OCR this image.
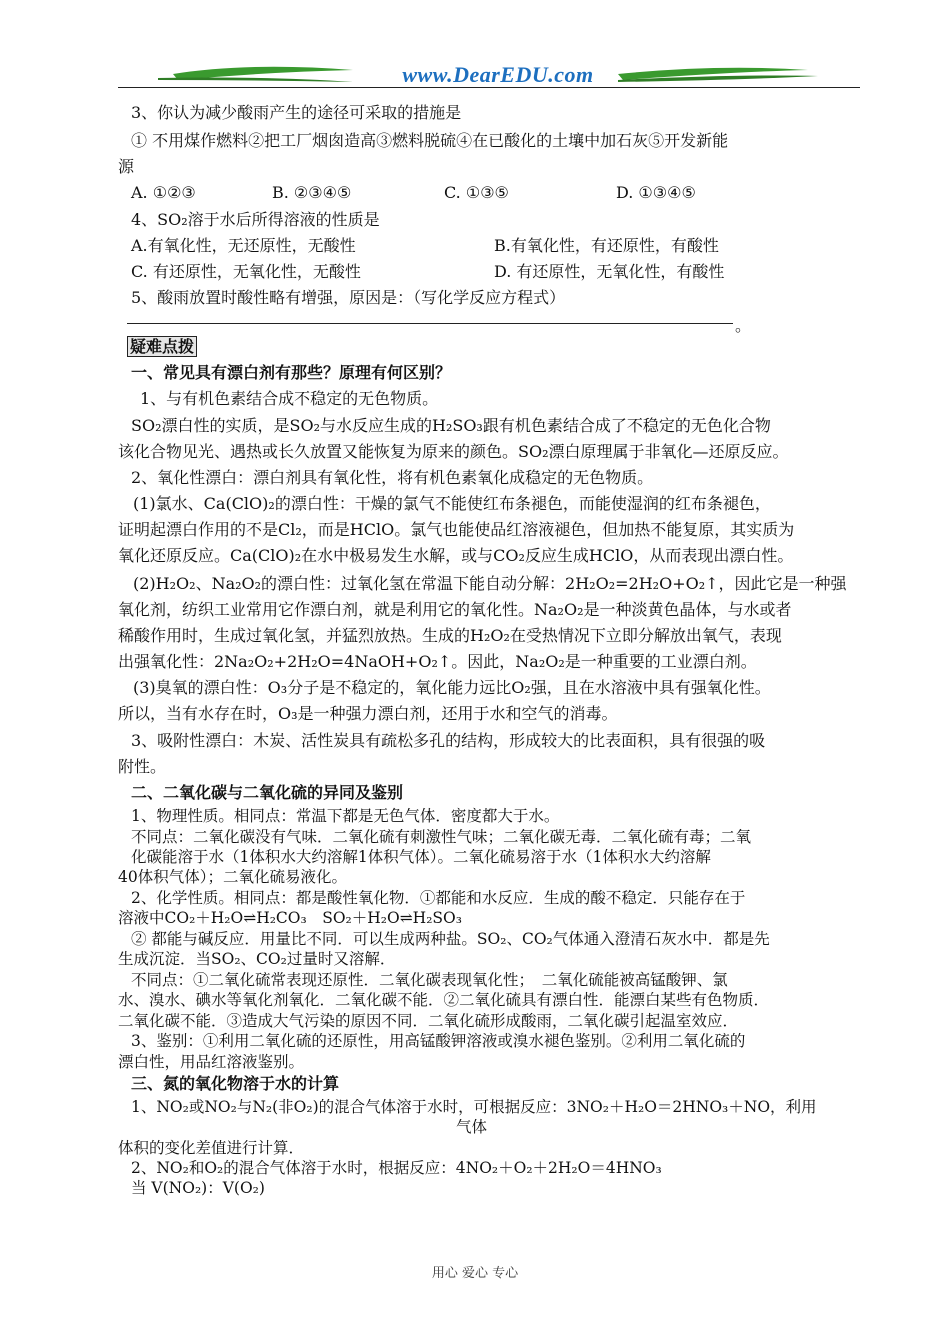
www.DearEDU.com
3、你认为减少酸雨产生的途径可采取的措施是
① 不用煤作燃料②把工厂烟囱造高③燃料脱硫④在已酸化的土壤中加石灰⑤开发新能
源
A. ①②③	B. ②③④⑤	C. ①③⑤	D. ①③④⑤
4、SO₂溶于水后所得溶液的性质是
A.有氧化性，无还原性，无酸性	B.有氧化性，有还原性，有酸性
C. 有还原性，无氧化性，无酸性	D. 有还原性，无氧化性，有酸性
5、酸雨放置时酸性略有增强，原因是：（写化学反应方程式）
。
疑难点拨
一、常见具有漂白剂有那些？原理有何区别？
1、与有机色素结合成不稳定的无色物质。
SO₂漂白性的实质，是SO₂与水反应生成的H₂SO₃跟有机色素结合成了不稳定的无色化合物
该化合物见光、遇热或长久放置又能恢复为原来的颜色。SO₂漂白原理属于非氧化—还原反应。
2、氧化性漂白：漂白剂具有氧化性，将有机色素氧化成稳定的无色物质。
(1)氯水、Ca(ClO)₂的漂白性：干燥的氯气不能使红布条褪色，而能使湿润的红布条褪色，
证明起漂白作用的不是Cl₂，而是HClO。氯气也能使品红溶液褪色，但加热不能复原，其实质为
氧化还原反应。Ca(ClO)₂在水中极易发生水解，或与CO₂反应生成HClO，从而表现出漂白性。
(2)H₂O₂、Na₂O₂的漂白性：过氧化氢在常温下能自动分解：2H₂O₂=2H₂O+O₂↑，因此它是一种强
氧化剂，纺织工业常用它作漂白剂，就是利用它的氧化性。Na₂O₂是一种淡黄色晶体，与水或者
稀酸作用时，生成过氧化氢，并猛烈放热。生成的H₂O₂在受热情况下立即分解放出氧气，表现
出强氧化性：2Na₂O₂+2H₂O=4NaOH+O₂↑。因此，Na₂O₂是一种重要的工业漂白剂。
(3)臭氧的漂白性：O₃分子是不稳定的，氧化能力远比O₂强，且在水溶液中具有强氧化性。
所以，当有水存在时，O₃是一种强力漂白剂，还用于水和空气的消毒。
3、吸附性漂白：木炭、活性炭具有疏松多孔的结构，形成较大的比表面积，具有很强的吸
附性。
二、二氧化碳与二氧化硫的异同及鉴别
1、物理性质。相同点：常温下都是无色气体．密度都大于水。
不同点：二氧化碳没有气味．二氧化硫有刺激性气味；二氧化碳无毒．二氧化硫有毒；二氧
化碳能溶于水（1体积水大约溶解1体积气体）。二氧化硫易溶于水（1体积水大约溶解
40体积气体）；二氧化硫易液化。
2、化学性质。相同点：都是酸性氧化物．①都能和水反应．生成的酸不稳定．只能存在于
溶液中CO₂＋H₂O⇌H₂CO₃　SO₂＋H₂O⇌H₂SO₃
② 都能与碱反应．用量比不同．可以生成两种盐。SO₂、CO₂气体通入澄清石灰水中．都是先
生成沉淀．当SO₂、CO₂过量时又溶解．
不同点：①二氧化硫常表现还原性．二氧化碳表现氧化性；　二氧化硫能被高锰酸钾、氯
水、溴水、碘水等氧化剂氧化．二氧化碳不能．②二氧化硫具有漂白性．能漂白某些有色物质．
二氧化碳不能．③造成大气污染的原因不同．二氧化硫形成酸雨，二氧化碳引起温室效应．
3、鉴别：①利用二氧化硫的还原性，用高锰酸钾溶液或溴水褪色鉴别。②利用二氧化硫的
漂白性，用品红溶液鉴别。
三、氮的氧化物溶于水的计算
1、NO₂或NO₂与N₂(非O₂)的混合气体溶于水时，可根据反应：3NO₂＋H₂O＝2HNO₃＋NO，利用
气体
体积的变化差值进行计算．
2、NO₂和O₂的混合气体溶于水时，根据反应：4NO₂＋O₂＋2H₂O＝4HNO₃
当 V(NO₂)：V(O₂)
用心 爱心 专心
